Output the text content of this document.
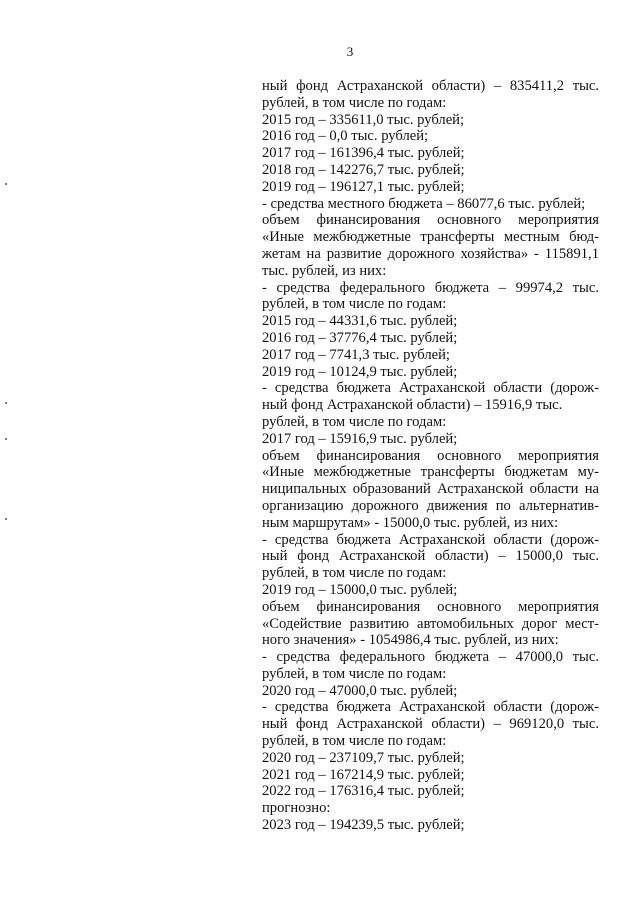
3
ный фонд Астраханской области) – 835411,2 тыс.
рублей, в том числе по годам:
2015 год – 335611,0 тыс. рублей;
2016 год – 0,0 тыс. рублей;
2017 год – 161396,4 тыс. рублей;
2018 год – 142276,7 тыс. рублей;
2019 год – 196127,1 тыс. рублей;
- средства местного бюджета – 86077,6 тыс. рублей;
объем финансирования основного мероприятия
«Иные межбюджетные трансферты местным бюд-
жетам на развитие дорожного хозяйства» - 115891,1
тыс. рублей, из них:
- средства федерального бюджета – 99974,2 тыс.
рублей, в том числе по годам:
2015 год – 44331,6 тыс. рублей;
2016 год – 37776,4 тыс. рублей;
2017 год – 7741,3 тыс. рублей;
2019 год – 10124,9 тыс. рублей;
- средства бюджета Астраханской области (дорож-
ный фонд Астраханской области) – 15916,9 тыс.
рублей, в том числе по годам:
2017 год – 15916,9 тыс. рублей;
объем финансирования основного мероприятия
«Иные межбюджетные трансферты бюджетам му-
ниципальных образований Астраханской области на
организацию дорожного движения по альтернатив-
ным маршрутам» - 15000,0 тыс. рублей, из них:
- средства бюджета Астраханской области (дорож-
ный фонд Астраханской области) – 15000,0 тыс.
рублей, в том числе по годам:
2019 год – 15000,0 тыс. рублей;
объем финансирования основного мероприятия
«Содействие развитию автомобильных дорог мест-
ного значения» - 1054986,4 тыс. рублей, из них:
- средства федерального бюджета – 47000,0 тыс.
рублей, в том числе по годам:
2020 год – 47000,0 тыс. рублей;
- средства бюджета Астраханской области (дорож-
ный фонд Астраханской области) – 969120,0 тыс.
рублей, в том числе по годам:
2020 год – 237109,7 тыс. рублей;
2021 год – 167214,9 тыс. рублей;
2022 год – 176316,4 тыс. рублей;
прогнозно:
2023 год – 194239,5 тыс. рублей;
